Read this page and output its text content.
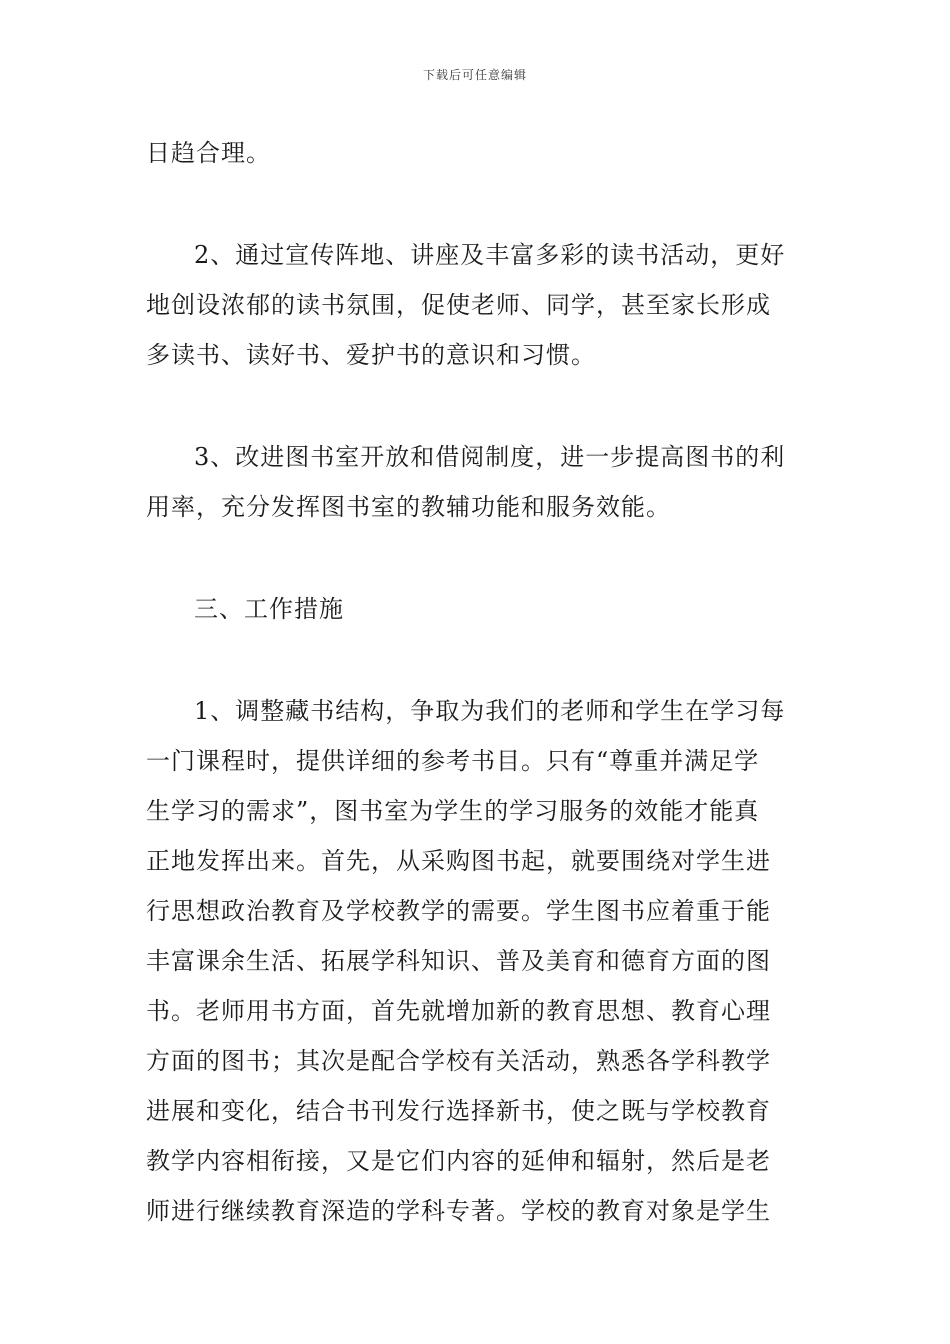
下载后可任意编辑
日趋合理。
2、通过宣传阵地、讲座及丰富多彩的读书活动，更好
地创设浓郁的读书氛围，促使老师、同学，甚至家长形成
多读书、读好书、爱护书的意识和习惯。
3、改进图书室开放和借阅制度，进一步提高图书的利
用率，充分发挥图书室的教辅功能和服务效能。
三、工作措施
1、调整藏书结构，争取为我们的老师和学生在学习每
一门课程时，提供详细的参考书目。只有“尊重并满足学
生学习的需求”，图书室为学生的学习服务的效能才能真
正地发挥出来。首先，从采购图书起，就要围绕对学生进
行思想政治教育及学校教学的需要。学生图书应着重于能
丰富课余生活、拓展学科知识、普及美育和德育方面的图
书。老师用书方面，首先就增加新的教育思想、教育心理
方面的图书；其次是配合学校有关活动，熟悉各学科教学
进展和变化，结合书刊发行选择新书，使之既与学校教育
教学内容相衔接，又是它们内容的延伸和辐射，然后是老
师进行继续教育深造的学科专著。学校的教育对象是学生
